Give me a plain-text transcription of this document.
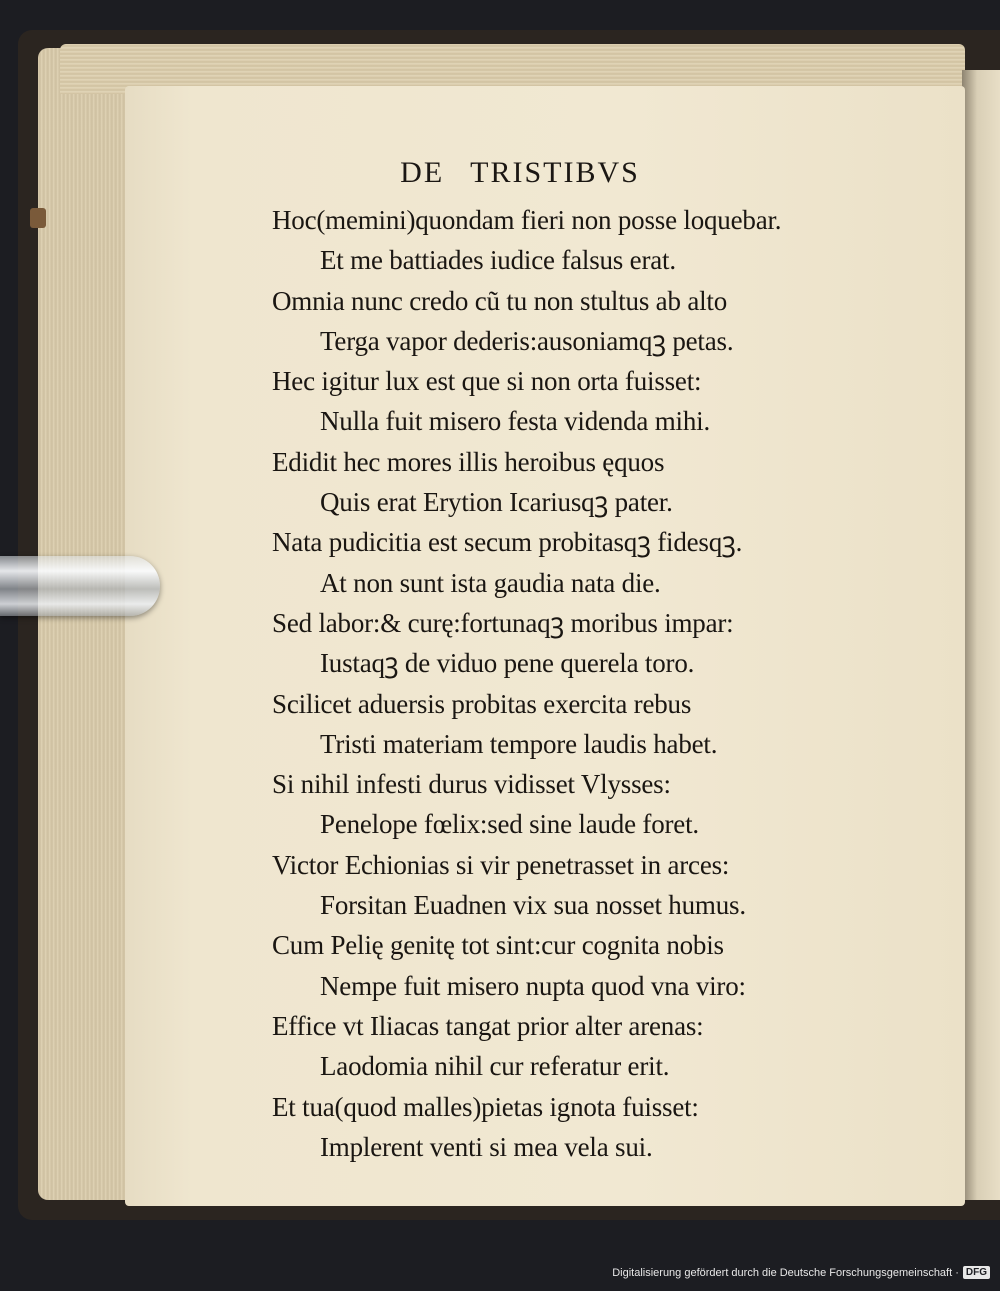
DE TRISTIBVS
Hoc(memini)quondam fieri non posse loquebar.
Et me battiades iudice falsus erat.
Omnia nunc credo cũ tu non stultus ab alto
Terga vapor dederis:ausoniamqꝫ petas.
Hec igitur lux est que si non orta fuisset:
Nulla fuit misero festa videnda mihi.
Edidit hec mores illis heroibus ęquos
Quis erat Erytion Icariusqꝫ pater.
Nata pudicitia est secum probitasqꝫ fidesqꝫ.
At non sunt ista gaudia nata die.
Sed labor:& curę:fortunaqꝫ moribus impar:
Iustaqꝫ de viduo pene querela toro.
Scilicet aduersis probitas exercita rebus
Tristi materiam tempore laudis habet.
Si nihil infesti durus vidisset Vlysses:
Penelope fœlix:sed sine laude foret.
Victor Echionias si vir penetrasset in arces:
Forsitan Euadnen vix sua nosset humus.
Cum Pelię genitę tot sint:cur cognita nobis
Nempe fuit misero nupta quod vna viro:
Effice vt Iliacas tangat prior alter arenas:
Laodomia nihil cur referatur erit.
Et tua(quod malles)pietas ignota fuisset:
Implerent venti si mea vela sui.
Digitalisierung gefördert durch die Deutsche Forschungsgemeinschaft · DFG
